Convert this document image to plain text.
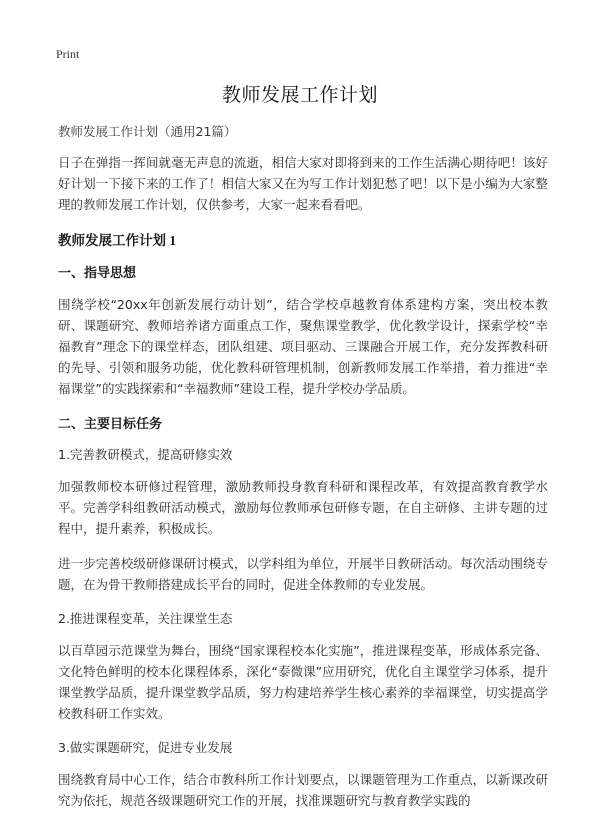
Print
教师发展工作计划
教师发展工作计划（通用21篇）

日子在弹指一挥间就毫无声息的流逝，相信大家对即将到来的工作生活满心期待吧！该好好计划一下接下来的工作了！相信大家又在为写工作计划犯愁了吧！以下是小编为大家整理的教师发展工作计划，仅供参考，大家一起来看看吧。

教师发展工作计划 1
一、指导思想

围绕学校“20xx年创新发展行动计划”，结合学校卓越教育体系建构方案，突出校本教研、课题研究、教师培养诸方面重点工作，聚焦课堂教学，优化教学设计，探索学校“幸福教育”理念下的课堂样态，团队组建、项目驱动、三课融合开展工作，充分发挥教科研的先导、引领和服务功能，优化教科研管理机制，创新教师发展工作举措，着力推进“幸福课堂”的实践探索和“幸福教师”建设工程，提升学校办学品质。

二、主要目标任务
1.完善教研模式，提高研修实效

加强教师校本研修过程管理，激励教师投身教育科研和课程改革，有效提高教育教学水平。完善学科组教研活动模式，激励每位教师承包研修专题，在自主研修、主讲专题的过程中，提升素养，积极成长。

进一步完善校级研修课研讨模式，以学科组为单位，开展半日教研活动。每次活动围绕专题，在为骨干教师搭建成长平台的同时，促进全体教师的专业发展。

2.推进课程变革，关注课堂生态

以百草园示范课堂为舞台，围绕“国家课程校本化实施”，推进课程变革，形成体系完备、文化特色鲜明的校本化课程体系，深化“泰微课”应用研究，优化自主课堂学习体系，提升课堂教学品质，提升课堂教学品质，努力构建培养学生核心素养的幸福课堂，切实提高学校教科研工作实效。

3.做实课题研究，促进专业发展

围绕教育局中心工作，结合市教科所工作计划要点，以课题管理为工作重点，以新课改研究为依托，规范各级课题研究工作的开展，找准课题研究与教育教学实践的
